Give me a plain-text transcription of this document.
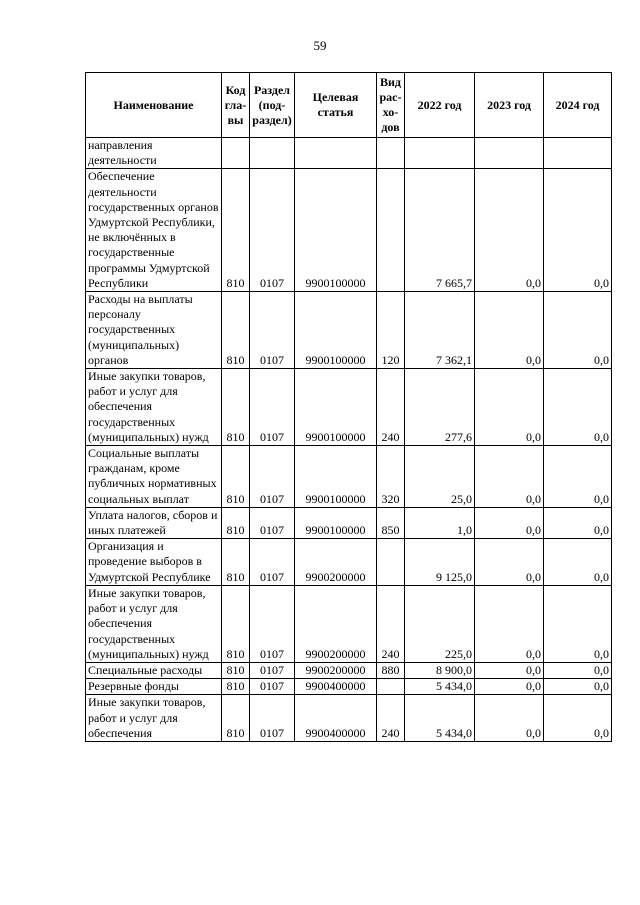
59
Наименование	Код гла- вы	Раздел (под- раздел)	Целевая статья	Вид рас- хо- дов	2022 год	2023 год	2024 год
направления деятельности							
Обеспечение деятельности государственных органов Удмуртской Республики, не включённых в государственные программы Удмуртской Республики	810	0107	9900100000		7 665,7	0,0	0,0
Расходы на выплаты персоналу государственных (муниципальных) органов	810	0107	9900100000	120	7 362,1	0,0	0,0
Иные закупки товаров, работ и услуг для обеспечения государственных (муниципальных) нужд	810	0107	9900100000	240	277,6	0,0	0,0
Социальные выплаты гражданам, кроме публичных нормативных социальных выплат	810	0107	9900100000	320	25,0	0,0	0,0
Уплата налогов, сборов и иных платежей	810	0107	9900100000	850	1,0	0,0	0,0
Организация и проведение выборов в Удмуртской Республике	810	0107	9900200000		9 125,0	0,0	0,0
Иные закупки товаров, работ и услуг для обеспечения государственных (муниципальных) нужд	810	0107	9900200000	240	225,0	0,0	0,0
Специальные расходы	810	0107	9900200000	880	8 900,0	0,0	0,0
Резервные фонды	810	0107	9900400000		5 434,0	0,0	0,0
Иные закупки товаров, работ и услуг для обеспечения	810	0107	9900400000	240	5 434,0	0,0	0,0
